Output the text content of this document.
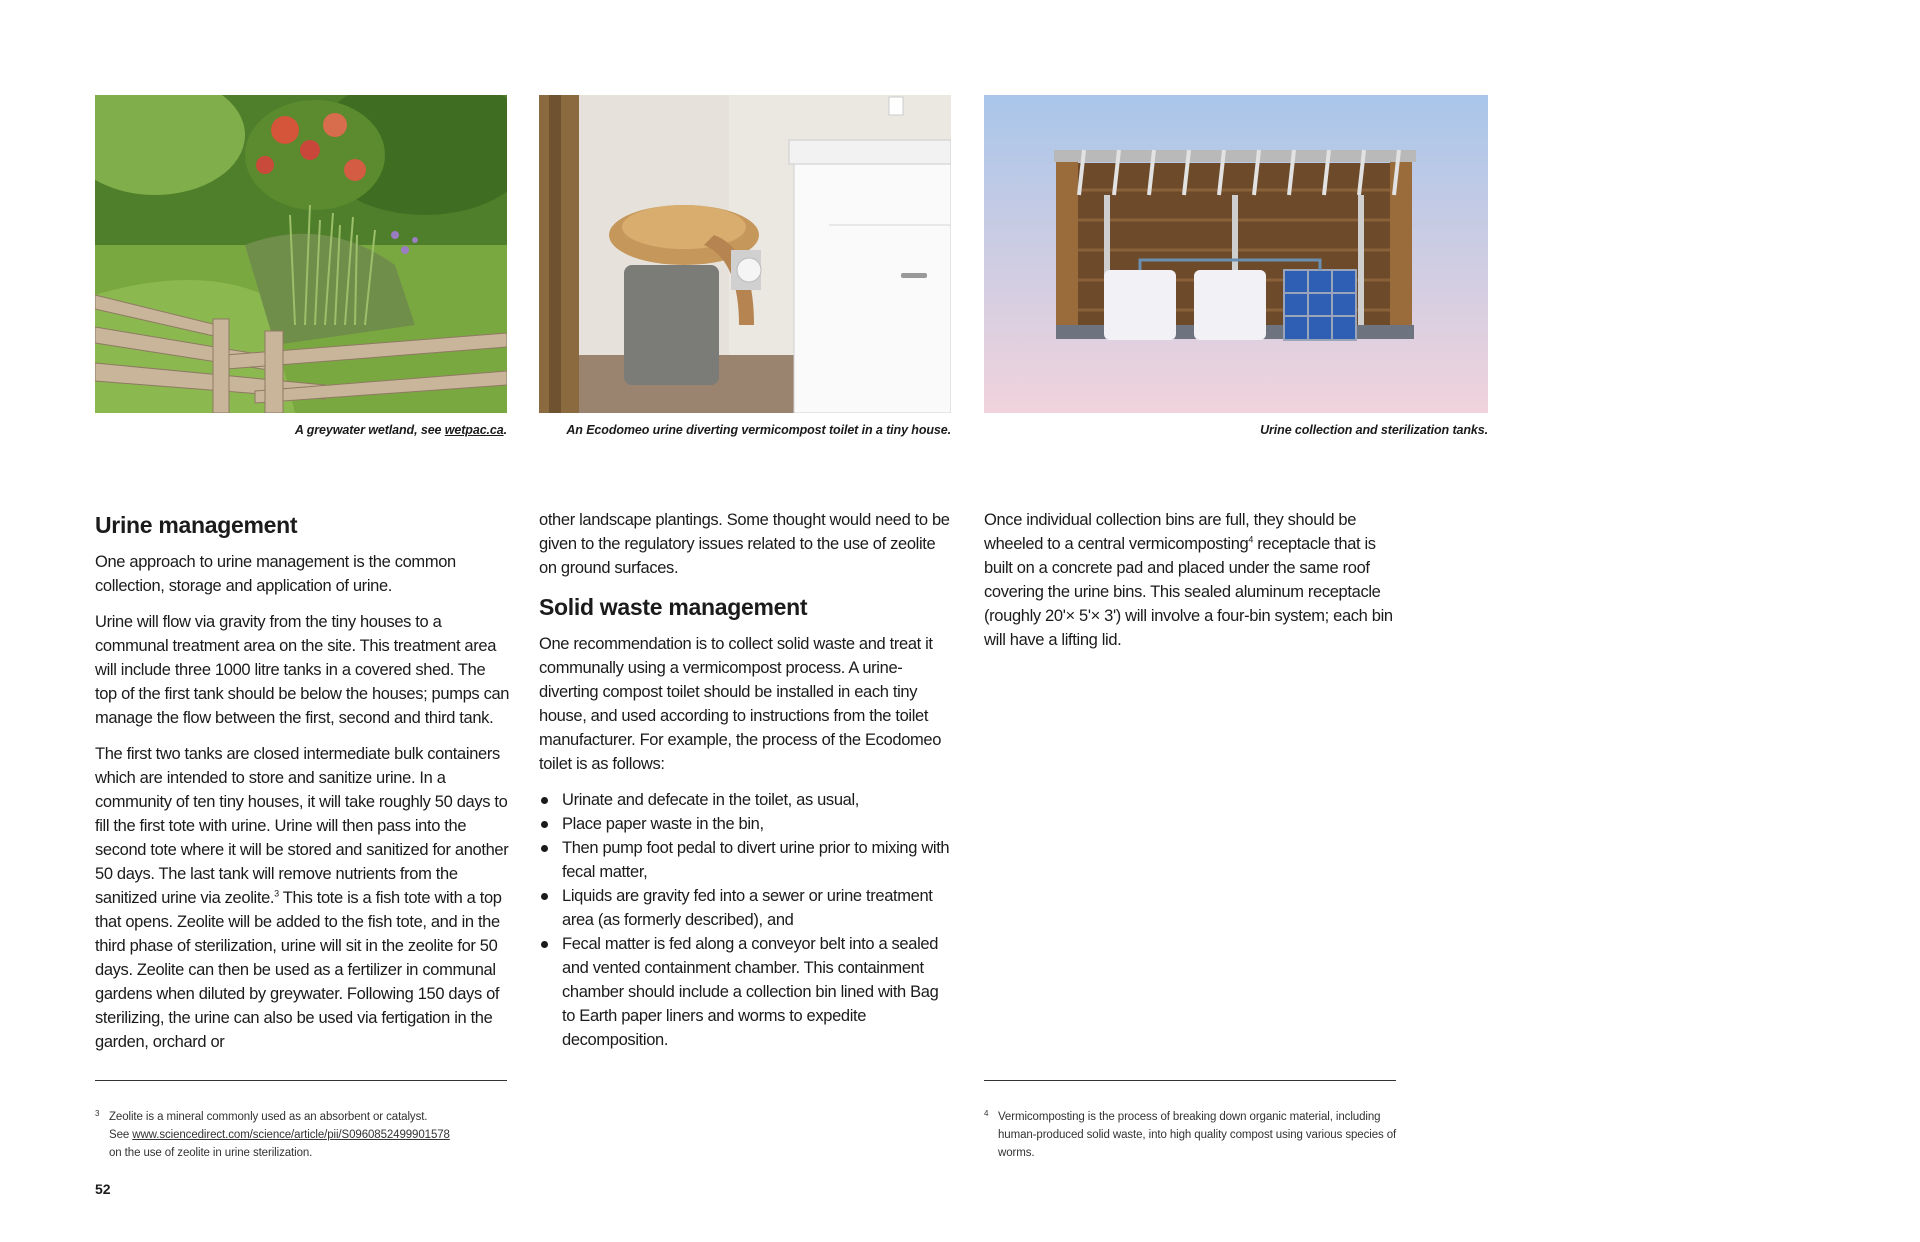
A greywater wetland, see wetpac.ca.	An Ecodomeo urine diverting vermicompost toilet in a tiny house.	Urine collection and sterilization tanks.
Urine management

One approach to urine management is the common collection, storage and application of urine.

Urine will flow via gravity from the tiny houses to a communal treatment area on the site. This treatment area will include three 1000 litre tanks in a covered shed. The top of the first tank should be below the houses; pumps can manage the flow between the first, second and third tank.

The first two tanks are closed intermediate bulk containers which are intended to store and sanitize urine. In a community of ten tiny houses, it will take roughly 50 days to fill the first tote with urine. Urine will then pass into the second tote where it will be stored and sanitized for another 50 days. The last tank will remove nutrients from the sanitized urine via zeolite.$^3$ This tote is a fish tote with a top that opens. Zeolite will be added to the fish tote, and in the third phase of sterilization, urine will sit in the zeolite for 50 days. Zeolite can then be used as a fertilizer in communal gardens when diluted by greywater. Following 150 days of sterilizing, the urine can also be used via fertigation in the garden, orchard or

other landscape plantings. Some thought would need to be given to the regulatory issues related to the use of zeolite on ground surfaces.

Solid waste management

One recommendation is to collect solid waste and treat it communally using a vermicompost process. A urine-diverting compost toilet should be installed in each tiny house, and used according to instructions from the toilet manufacturer. For example, the process of the Ecodomeo toilet is as follows:

Urinate and defecate in the toilet, as usual,
Place paper waste in the bin,
Then pump foot pedal to divert urine prior to mixing with fecal matter,
Liquids are gravity fed into a sewer or urine treatment area (as formerly described), and
Fecal matter is fed along a conveyor belt into a sealed and vented containment chamber. This containment chamber should include a collection bin lined with Bag to Earth paper liners and worms to expedite decomposition.

Once individual collection bins are full, they should be wheeled to a central vermicomposting$^4$ receptacle that is built on a concrete pad and placed under the same roof covering the urine bins. This sealed aluminum receptacle (roughly 20'× 5'× 3') will involve a four-bin system; each bin will have a lifting lid.

3 Zeolite is a mineral commonly used as an absorbent or catalyst.
See www.sciencedirect.com/science/article/pii/S0960852499901578
on the use of zeolite in urine sterilization.
4 Vermicomposting is the process of breaking down organic material, including human-produced solid waste, into high quality compost using various species of worms.
52
